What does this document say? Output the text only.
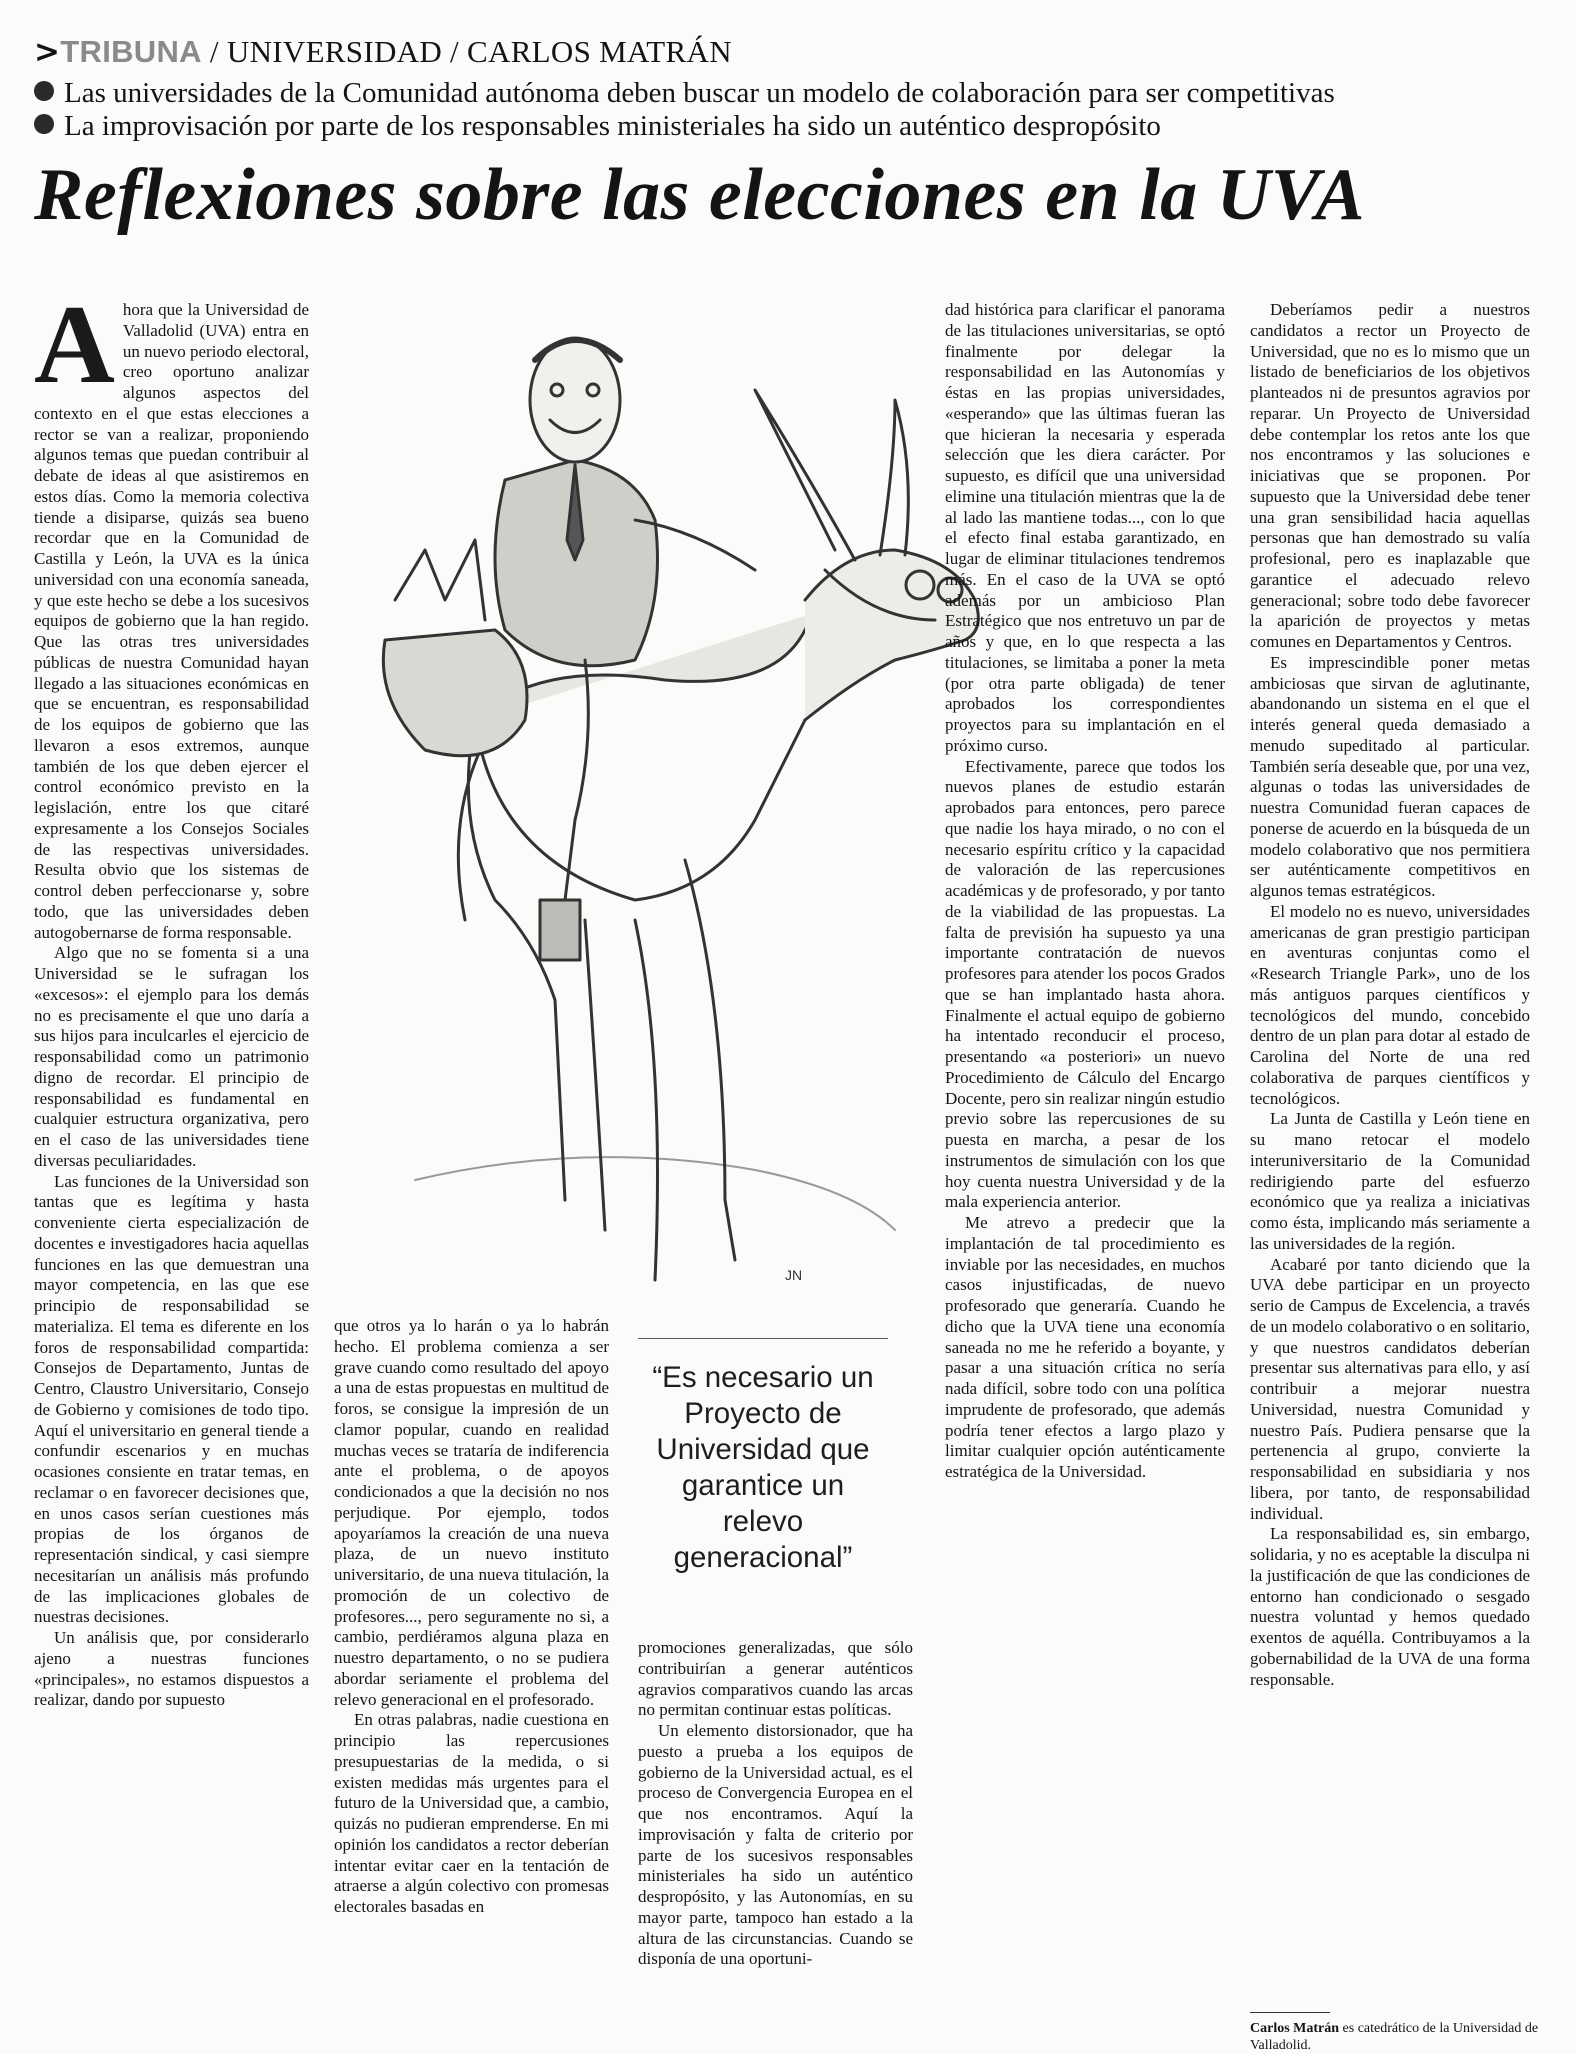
>TRIBUNA / UNIVERSIDAD / CARLOS MATRÁN
Las universidades de la Comunidad autónoma deben buscar un modelo de colaboración para ser competitivas
La improvisación por parte de los responsables ministeriales ha sido un auténtico despropósito
Reflexiones sobre las elecciones en la UVA
JN

Ahora que la Universidad de Valladolid (UVA) entra en un nuevo periodo electoral, creo oportuno analizar algunos aspectos del contexto en el que estas elecciones a rector se van a realizar, proponiendo algunos temas que puedan contribuir al debate de ideas al que asistiremos en estos días. Como la memoria colectiva tiende a disiparse, quizás sea bueno recordar que en la Comunidad de Castilla y León, la UVA es la única universidad con una economía saneada, y que este hecho se debe a los sucesivos equipos de gobierno que la han regido. Que las otras tres universidades públicas de nuestra Comunidad hayan llegado a las situaciones económicas en que se encuentran, es responsabilidad de los equipos de gobierno que las llevaron a esos extremos, aunque también de los que deben ejercer el control económico previsto en la legislación, entre los que citaré expresamente a los Consejos Sociales de las respectivas universidades. Resulta obvio que los sistemas de control deben perfeccionarse y, sobre todo, que las universidades deben autogobernarse de forma responsable.

Algo que no se fomenta si a una Universidad se le sufragan los «excesos»: el ejemplo para los demás no es precisamente el que uno daría a sus hijos para inculcarles el ejercicio de responsabilidad como un patrimonio digno de recordar. El principio de responsabilidad es fundamental en cualquier estructura organizativa, pero en el caso de las universidades tiene diversas peculiaridades.

Las funciones de la Universidad son tantas que es legítima y hasta conveniente cierta especialización de docentes e investigadores hacia aquellas funciones en las que demuestran una mayor competencia, en las que ese principio de responsabilidad se materializa. El tema es diferente en los foros de responsabilidad compartida: Consejos de Departamento, Juntas de Centro, Claustro Universitario, Consejo de Gobierno y comisiones de todo tipo. Aquí el universitario en general tiende a confundir escenarios y en muchas ocasiones consiente en tratar temas, en reclamar o en favorecer decisiones que, en unos casos serían cuestiones más propias de los órganos de representación sindical, y casi siempre necesitarían un análisis más profundo de las implicaciones globales de nuestras decisiones.

Un análisis que, por considerarlo ajeno a nuestras funciones «principales», no estamos dispuestos a realizar, dando por supuesto

que otros ya lo harán o ya lo habrán hecho. El problema comienza a ser grave cuando como resultado del apoyo a una de estas propuestas en multitud de foros, se consigue la impresión de un clamor popular, cuando en realidad muchas veces se trataría de indiferencia ante el problema, o de apoyos condicionados a que la decisión no nos perjudique. Por ejemplo, todos apoyaríamos la creación de una nueva plaza, de un nuevo instituto universitario, de una nueva titulación, la promoción de un colectivo de profesores..., pero seguramente no si, a cambio, perdiéramos alguna plaza en nuestro departamento, o no se pudiera abordar seriamente el problema del relevo generacional en el profesorado.

En otras palabras, nadie cuestiona en principio las repercusiones presupuestarias de la medida, o si existen medidas más urgentes para el futuro de la Universidad que, a cambio, quizás no pudieran emprenderse. En mi opinión los candidatos a rector deberían intentar evitar caer en la tentación de atraerse a algún colectivo con promesas electorales basadas en

“Es necesario un Proyecto de Universidad que garantice un relevo generacional”

promociones generalizadas, que sólo contribuirían a generar auténticos agravios comparativos cuando las arcas no permitan continuar estas políticas.

Un elemento distorsionador, que ha puesto a prueba a los equipos de gobierno de la Universidad actual, es el proceso de Convergencia Europea en el que nos encontramos. Aquí la improvisación y falta de criterio por parte de los sucesivos responsables ministeriales ha sido un auténtico despropósito, y las Autonomías, en su mayor parte, tampoco han estado a la altura de las circunstancias. Cuando se disponía de una oportuni-

dad histórica para clarificar el panorama de las titulaciones universitarias, se optó finalmente por delegar la responsabilidad en las Autonomías y éstas en las propias universidades, «esperando» que las últimas fueran las que hicieran la necesaria y esperada selección que les diera carácter. Por supuesto, es difícil que una universidad elimine una titulación mientras que la de al lado las mantiene todas..., con lo que el efecto final estaba garantizado, en lugar de eliminar titulaciones tendremos más. En el caso de la UVA se optó además por un ambicioso Plan Estratégico que nos entretuvo un par de años y que, en lo que respecta a las titulaciones, se limitaba a poner la meta (por otra parte obligada) de tener aprobados los correspondientes proyectos para su implantación en el próximo curso.

Efectivamente, parece que todos los nuevos planes de estudio estarán aprobados para entonces, pero parece que nadie los haya mirado, o no con el necesario espíritu crítico y la capacidad de valoración de las repercusiones académicas y de profesorado, y por tanto de la viabilidad de las propuestas. La falta de previsión ha supuesto ya una importante contratación de nuevos profesores para atender los pocos Grados que se han implantado hasta ahora. Finalmente el actual equipo de gobierno ha intentado reconducir el proceso, presentando «a posteriori» un nuevo Procedimiento de Cálculo del Encargo Docente, pero sin realizar ningún estudio previo sobre las repercusiones de su puesta en marcha, a pesar de los instrumentos de simulación con los que hoy cuenta nuestra Universidad y de la mala experiencia anterior.

Me atrevo a predecir que la implantación de tal procedimiento es inviable por las necesidades, en muchos casos injustificadas, de nuevo profesorado que generaría. Cuando he dicho que la UVA tiene una economía saneada no me he referido a boyante, y pasar a una situación crítica no sería nada difícil, sobre todo con una política imprudente de profesorado, que además podría tener efectos a largo plazo y limitar cualquier opción auténticamente estratégica de la Universidad.

Deberíamos pedir a nuestros candidatos a rector un Proyecto de Universidad, que no es lo mismo que un listado de beneficiarios de los objetivos planteados ni de presuntos agravios por reparar. Un Proyecto de Universidad debe contemplar los retos ante los que nos encontramos y las soluciones e iniciativas que se proponen. Por supuesto que la Universidad debe tener una gran sensibilidad hacia aquellas personas que han demostrado su valía profesional, pero es inaplazable que garantice el adecuado relevo generacional; sobre todo debe favorecer la aparición de proyectos y metas comunes en Departamentos y Centros.

Es imprescindible poner metas ambiciosas que sirvan de aglutinante, abandonando un sistema en el que el interés general queda demasiado a menudo supeditado al particular. También sería deseable que, por una vez, algunas o todas las universidades de nuestra Comunidad fueran capaces de ponerse de acuerdo en la búsqueda de un modelo colaborativo que nos permitiera ser auténticamente competitivos en algunos temas estratégicos.

El modelo no es nuevo, universidades americanas de gran prestigio participan en aventuras conjuntas como el «Research Triangle Park», uno de los más antiguos parques científicos y tecnológicos del mundo, concebido dentro de un plan para dotar al estado de Carolina del Norte de una red colaborativa de parques científicos y tecnológicos.

La Junta de Castilla y León tiene en su mano retocar el modelo interuniversitario de la Comunidad redirigiendo parte del esfuerzo económico que ya realiza a iniciativas como ésta, implicando más seriamente a las universidades de la región.

Acabaré por tanto diciendo que la UVA debe participar en un proyecto serio de Campus de Excelencia, a través de un modelo colaborativo o en solitario, y que nuestros candidatos deberían presentar sus alternativas para ello, y así contribuir a mejorar nuestra Universidad, nuestra Comunidad y nuestro País. Pudiera pensarse que la pertenencia al grupo, convierte la responsabilidad en subsidiaria y nos libera, por tanto, de responsabilidad individual.

La responsabilidad es, sin embargo, solidaria, y no es aceptable la disculpa ni la justificación de que las condiciones de entorno han condicionado o sesgado nuestra voluntad y hemos quedado exentos de aquélla. Contribuyamos a la gobernabilidad de la UVA de una forma responsable.

Carlos Matrán es catedrático de la Universidad de Valladolid.
